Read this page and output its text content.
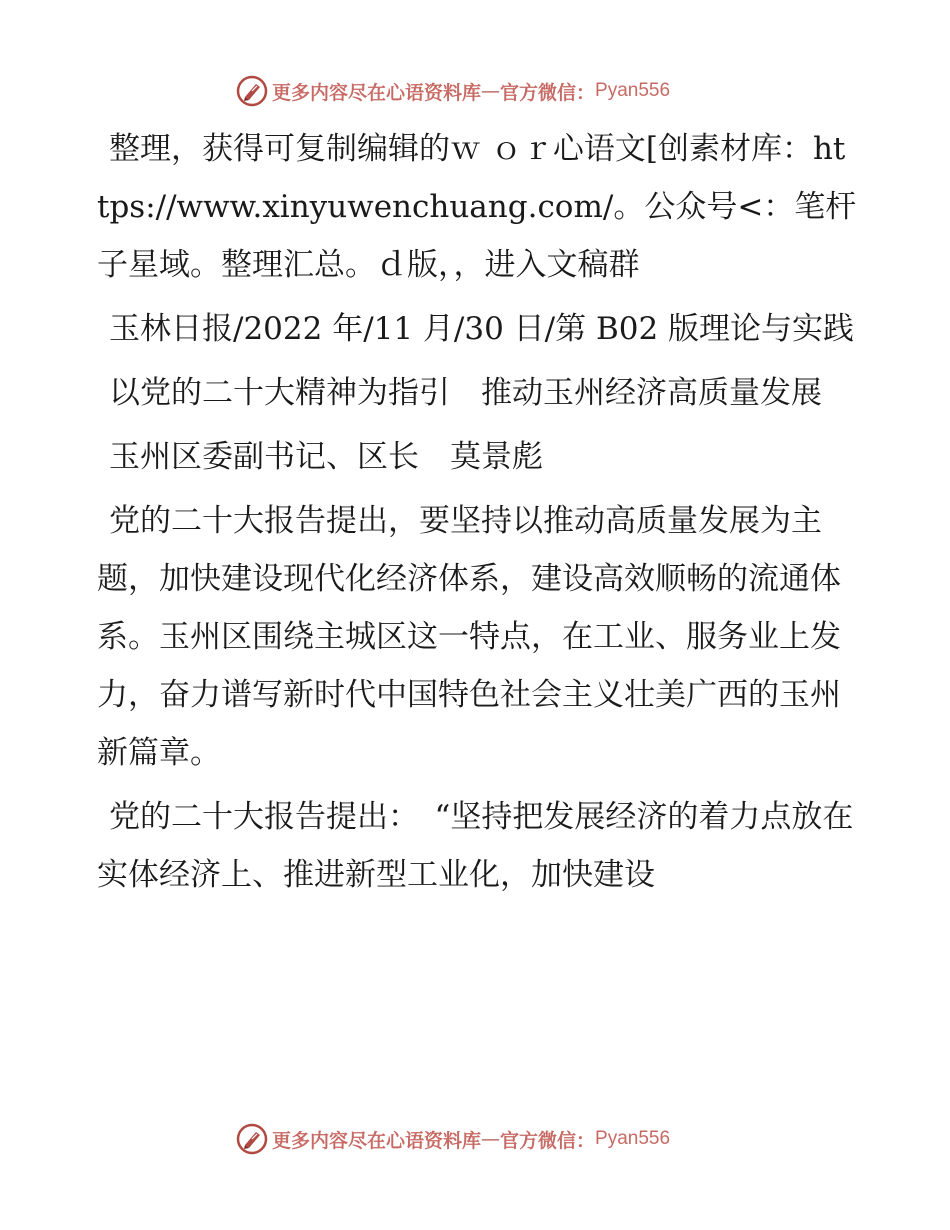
更多内容尽在心语资料库 — 官方微信： Pyan556

整理，获得可复制编辑的ｗ ｏｒ心语文[创素材库：https://www.xinyuwenchuang.com/。公众号<：笔杆子星域。整理汇总。ｄ版，，进入文稿群

玉林日报/2022 年/11 月/30 日/第 B02 版理论与实践

以党的二十大精神为指引　推动玉州经济高质量发展

玉州区委副书记、区长　莫景彪

党的二十大报告提出，要坚持以推动高质量发展为主题，加快建设现代化经济体系，建设高效顺畅的流通体系。玉州区围绕主城区这一特点，在工业、服务业上发力，奋力谱写新时代中国特色社会主义壮美广西的玉州新篇章。

党的二十大报告提出：　“坚持把发展经济的着力点放在实体经济上、推进新型工业化，加快建设

更多内容尽在心语资料库 — 官方微信： Pyan556
